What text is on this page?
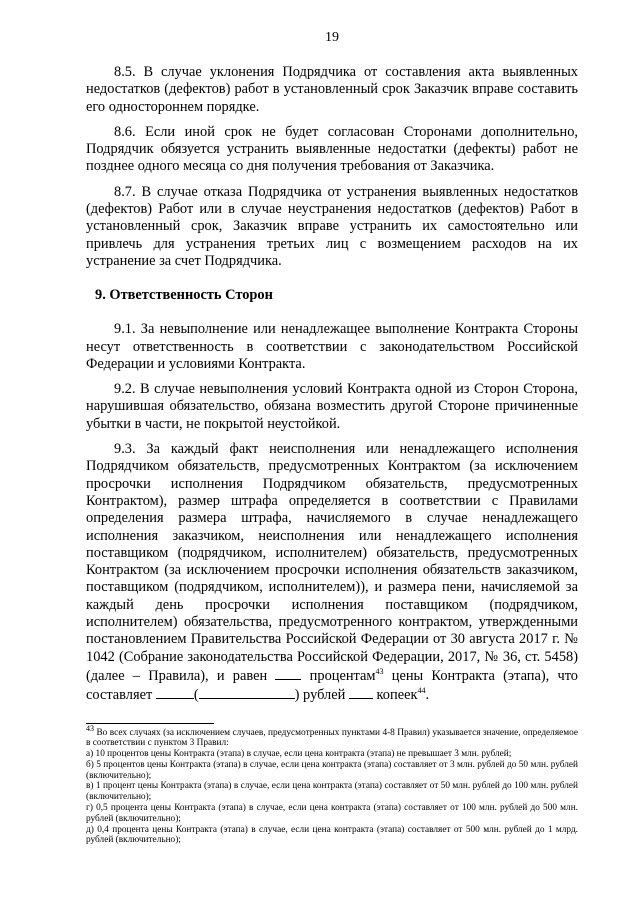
19

8.5. В случае уклонения Подрядчика от составления акта выявленных недостатков (дефектов) работ в установленный срок Заказчик вправе составить его одностороннем порядке.

8.6. Если иной срок не будет согласован Сторонами дополнительно, Подрядчик обязуется устранить выявленные недостатки (дефекты) работ не позднее одного месяца со дня получения требования от Заказчика.

8.7. В случае отказа Подрядчика от устранения выявленных недостатков (дефектов) Работ или в случае неустранения недостатков (дефектов) Работ в установленный срок, Заказчик вправе устранить их самостоятельно или привлечь для устранения третьих лиц с возмещением расходов на их устранение за счет Подрядчика.

9. Ответственность Сторон

9.1. За невыполнение или ненадлежащее выполнение Контракта Стороны несут ответственность в соответствии с законодательством Российской Федерации и условиями Контракта.

9.2. В случае невыполнения условий Контракта одной из Сторон Сторона, нарушившая обязательство, обязана возместить другой Стороне причиненные убытки в части, не покрытой неустойкой.

9.3. За каждый факт неисполнения или ненадлежащего исполнения Подрядчиком обязательств, предусмотренных Контрактом (за исключением просрочки исполнения Подрядчиком обязательств, предусмотренных Контрактом), размер штрафа определяется в соответствии с Правилами определения размера штрафа, начисляемого в случае ненадлежащего исполнения заказчиком, неисполнения или ненадлежащего исполнения поставщиком (подрядчиком, исполнителем) обязательств, предусмотренных Контрактом (за исключением просрочки исполнения обязательств заказчиком, поставщиком (подрядчиком, исполнителем)), и размера пени, начисляемой за каждый день просрочки исполнения поставщиком (подрядчиком, исполнителем) обязательства, предусмотренного контрактом, утвержденными постановлением Правительства Российской Федерации от 30 августа 2017 г. № 1042 (Собрание законодательства Российской Федерации, 2017, № 36, ст. 5458) (далее – Правила), и равен	процентам$^{43}$ цены Контракта (этапа), что составляет	(	) рублей копеек$^{44}$.

$^{43}$ Во всех случаях (за исключением случаев, предусмотренных пунктами 4-8 Правил) указывается значение, определяемое в соответствии с пунктом 3 Правил:

а) 10 процентов цены Контракта (этапа) в случае, если цена контракта (этапа) не превышает 3 млн. рублей;

б) 5 процентов цены Контракта (этапа) в случае, если цена контракта (этапа) составляет от 3 млн. рублей до 50 млн. рублей (включительно);

в) 1 процент цены Контракта (этапа) в случае, если цена контракта (этапа) составляет от 50 млн. рублей до 100 млн. рублей (включительно);

г) 0,5 процента цены Контракта (этапа) в случае, если цена контракта (этапа) составляет от 100 млн. рублей до 500 млн. рублей (включительно);

д) 0,4 процента цены Контракта (этапа) в случае, если цена контракта (этапа) составляет от 500 млн. рублей до 1 млрд. рублей (включительно);
